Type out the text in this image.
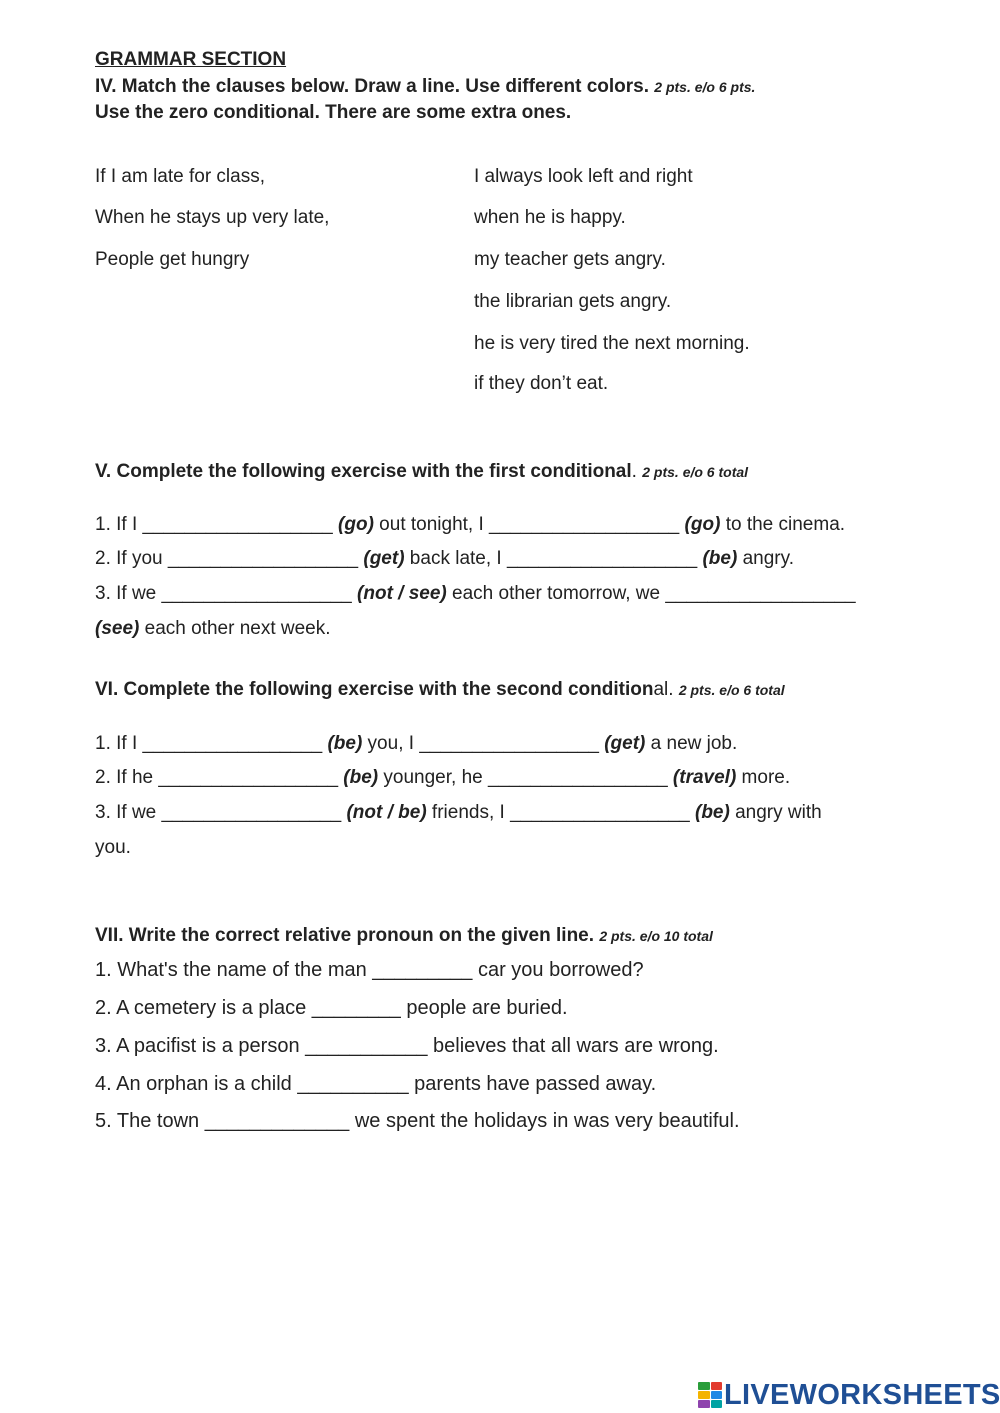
GRAMMAR SECTION
IV. Match the clauses below. Draw a line. Use different colors. 2 pts. e/o 6 pts.
Use the zero conditional. There are some extra ones.
If I am late for class,
When he stays up very late,
People get hungry
I always look left and right
when he is happy.
my teacher gets angry.
the librarian gets angry.
he is very tired the next morning.
if they don’t eat.
V. Complete the following exercise with the first conditional. 2 pts. e/o 6 total
1. If I __________________ (go) out tonight, I __________________ (go) to the cinema.
2. If you __________________ (get) back late, I __________________ (be) angry.
3. If we __________________ (not / see) each other tomorrow, we __________________
(see) each other next week.
VI. Complete the following exercise with the second conditional. 2 pts. e/o 6 total
1. If I _________________ (be) you, I _________________ (get) a new job.
2. If he _________________ (be) younger, he _________________ (travel) more.
3. If we _________________ (not / be) friends, I _________________ (be) angry with
you.
VII. Write the correct relative pronoun on the given line. 2 pts. e/o 10 total
1. What's the name of the man _________ car you borrowed?
2. A cemetery is a place ________ people are buried.
3. A pacifist is a person ___________ believes that all wars are wrong.
4. An orphan is a child __________ parents have passed away.
5. The town _____________ we spent the holidays in was very beautiful.
LIVEWORKSHEETS
